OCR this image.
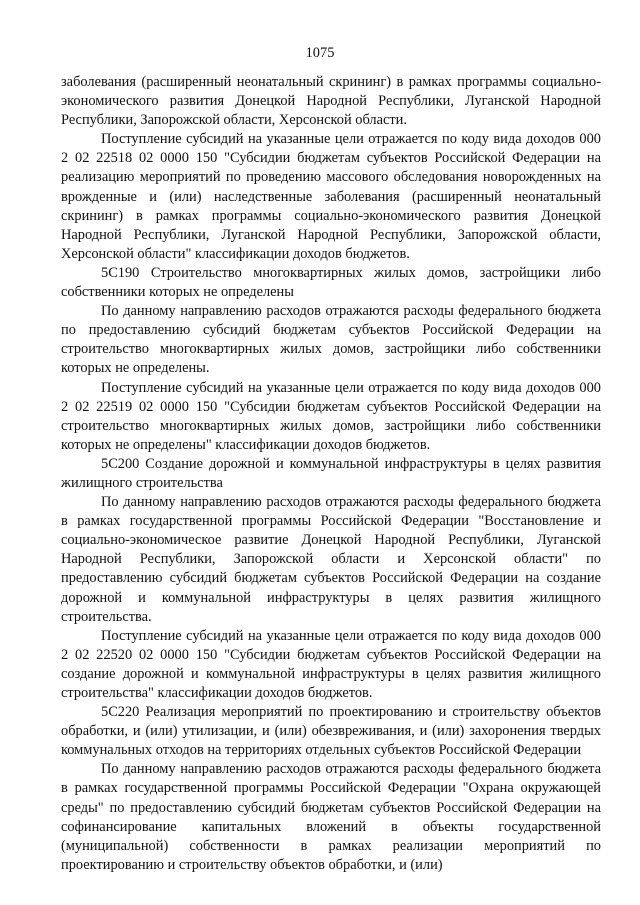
1075

заболевания (расширенный неонатальный скрининг) в рамках программы социально-экономического развития Донецкой Народной Республики, Луганской Народной Республики, Запорожской области, Херсонской области.

Поступление субсидий на указанные цели отражается по коду вида доходов 000 2 02 22518 02 0000 150 "Субсидии бюджетам субъектов Российской Федерации на реализацию мероприятий по проведению массового обследования новорожденных на врожденные и (или) наследственные заболевания (расширенный неонатальный скрининг) в рамках программы социально-экономического развития Донецкой Народной Республики, Луганской Народной Республики, Запорожской области, Херсонской области" классификации доходов бюджетов.

5С190 Строительство многоквартирных жилых домов, застройщики либо собственники которых не определены

По данному направлению расходов отражаются расходы федерального бюджета по предоставлению субсидий бюджетам субъектов Российской Федерации на строительство многоквартирных жилых домов, застройщики либо собственники которых не определены.

Поступление субсидий на указанные цели отражается по коду вида доходов 000 2 02 22519 02 0000 150 "Субсидии бюджетам субъектов Российской Федерации на строительство многоквартирных жилых домов, застройщики либо собственники которых не определены" классификации доходов бюджетов.

5С200 Создание дорожной и коммунальной инфраструктуры в целях развития жилищного строительства

По данному направлению расходов отражаются расходы федерального бюджета в рамках государственной программы Российской Федерации "Восстановление и социально-экономическое развитие Донецкой Народной Республики, Луганской Народной Республики, Запорожской области и Херсонской области" по предоставлению субсидий бюджетам субъектов Российской Федерации на создание дорожной и коммунальной инфраструктуры в целях развития жилищного строительства.

Поступление субсидий на указанные цели отражается по коду вида доходов 000 2 02 22520 02 0000 150 "Субсидии бюджетам субъектов Российской Федерации на создание дорожной и коммунальной инфраструктуры в целях развития жилищного строительства" классификации доходов бюджетов.

5С220 Реализация мероприятий по проектированию и строительству объектов обработки, и (или) утилизации, и (или) обезвреживания, и (или) захоронения твердых коммунальных отходов на территориях отдельных субъектов Российской Федерации

По данному направлению расходов отражаются расходы федерального бюджета в рамках государственной программы Российской Федерации "Охрана окружающей среды" по предоставлению субсидий бюджетам субъектов Российской Федерации на софинансирование капитальных вложений в объекты государственной (муниципальной) собственности в рамках реализации мероприятий по проектированию и строительству объектов обработки, и (или)
